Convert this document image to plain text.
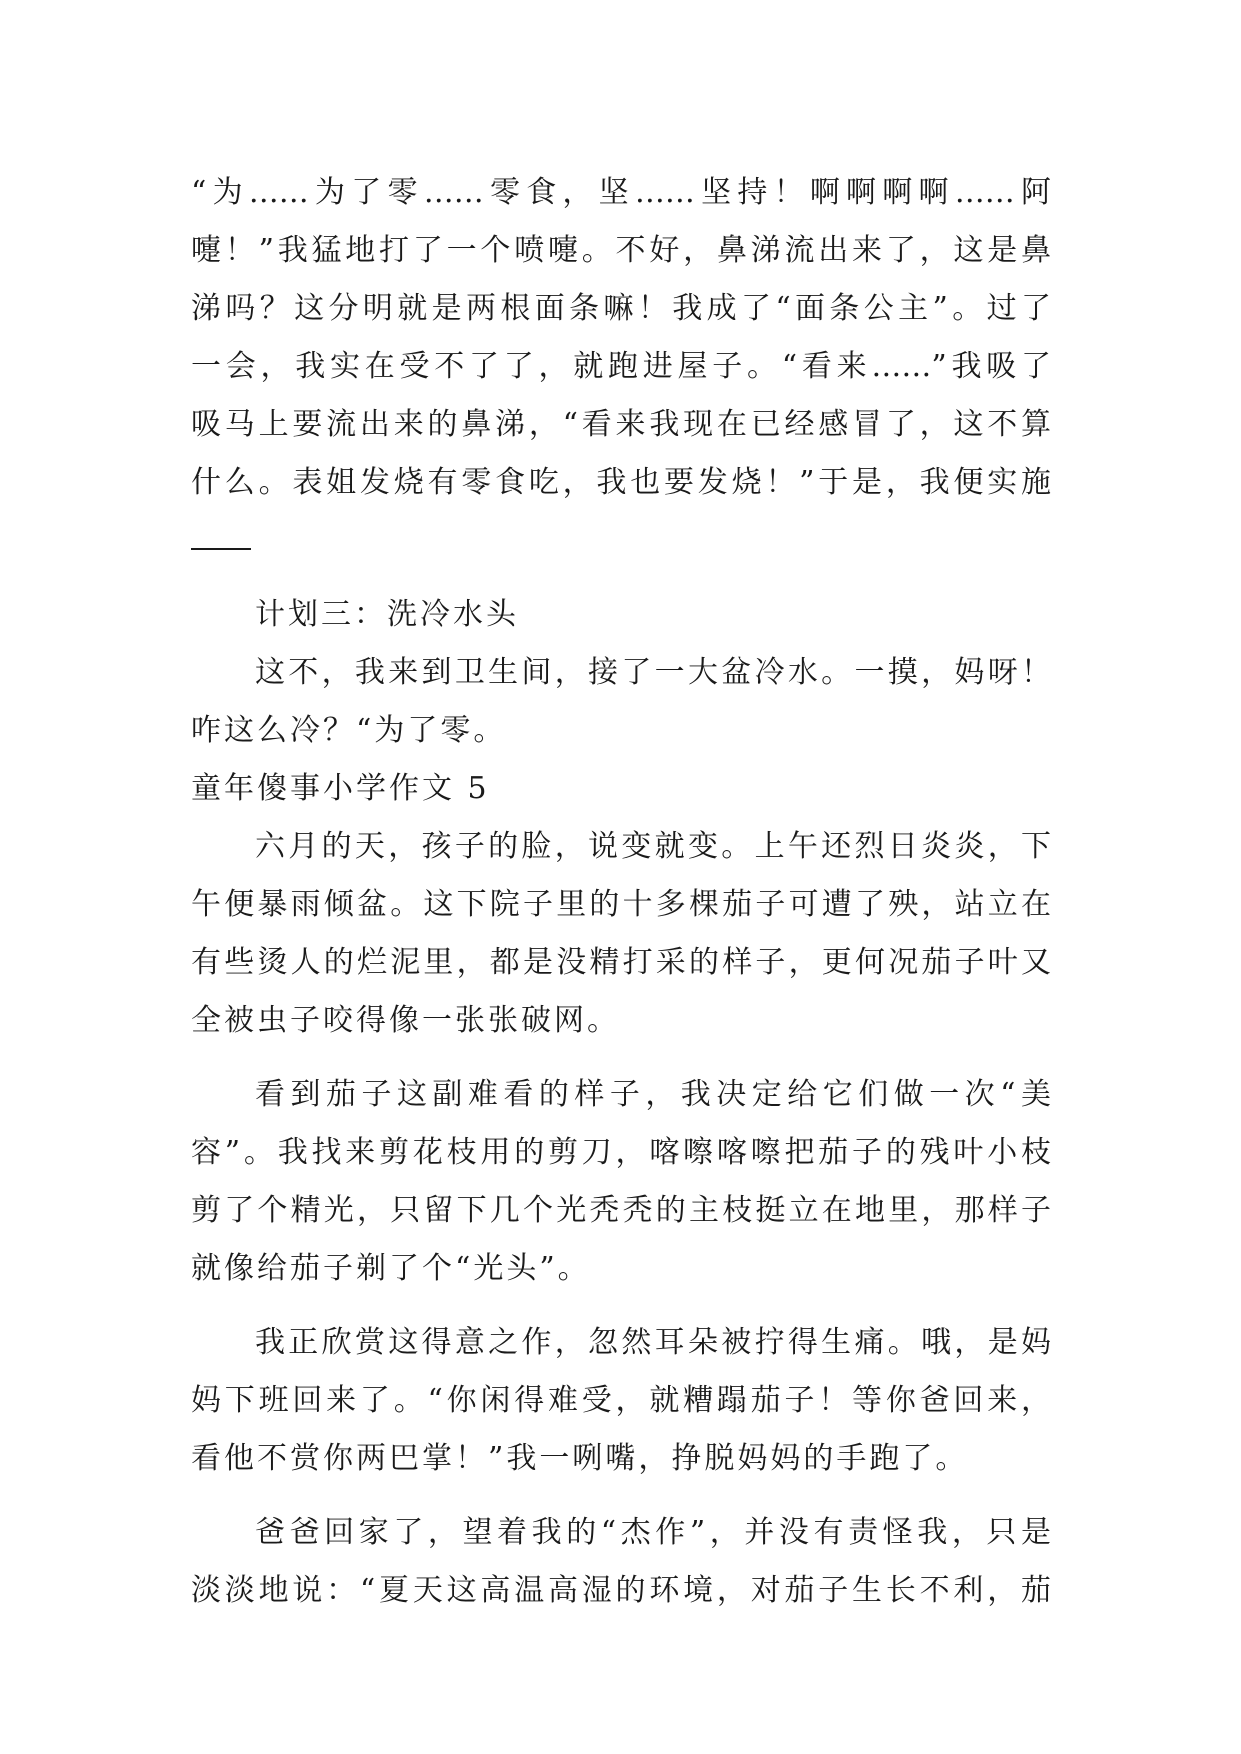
“为……为了零……零食，坚……坚持！啊啊啊啊……阿
嚏！”我猛地打了一个喷嚏。不好，鼻涕流出来了，这是鼻
涕吗？这分明就是两根面条嘛！我成了“面条公主”。过了
一会，我实在受不了了，就跑进屋子。“看来……”我吸了
吸马上要流出来的鼻涕，“看来我现在已经感冒了，这不算
什么。表姐发烧有零食吃，我也要发烧！”于是，我便实施
计划三：洗冷水头
这不，我来到卫生间，接了一大盆冷水。一摸，妈呀！
咋这么冷？“为了零。
童年傻事小学作文 5
六月的天，孩子的脸，说变就变。上午还烈日炎炎，下
午便暴雨倾盆。这下院子里的十多棵茄子可遭了殃，站立在
有些烫人的烂泥里，都是没精打采的样子，更何况茄子叶又
全被虫子咬得像一张张破网。
看到茄子这副难看的样子，我决定给它们做一次“美
容”。我找来剪花枝用的剪刀，喀嚓喀嚓把茄子的残叶小枝
剪了个精光，只留下几个光秃秃的主枝挺立在地里，那样子
就像给茄子剃了个“光头”。
我正欣赏这得意之作，忽然耳朵被拧得生痛。哦，是妈
妈下班回来了。“你闲得难受，就糟蹋茄子！等你爸回来，
看他不赏你两巴掌！”我一咧嘴，挣脱妈妈的手跑了。
爸爸回家了，望着我的“杰作”，并没有责怪我，只是
淡淡地说：“夏天这高温高湿的环境，对茄子生长不利，茄
